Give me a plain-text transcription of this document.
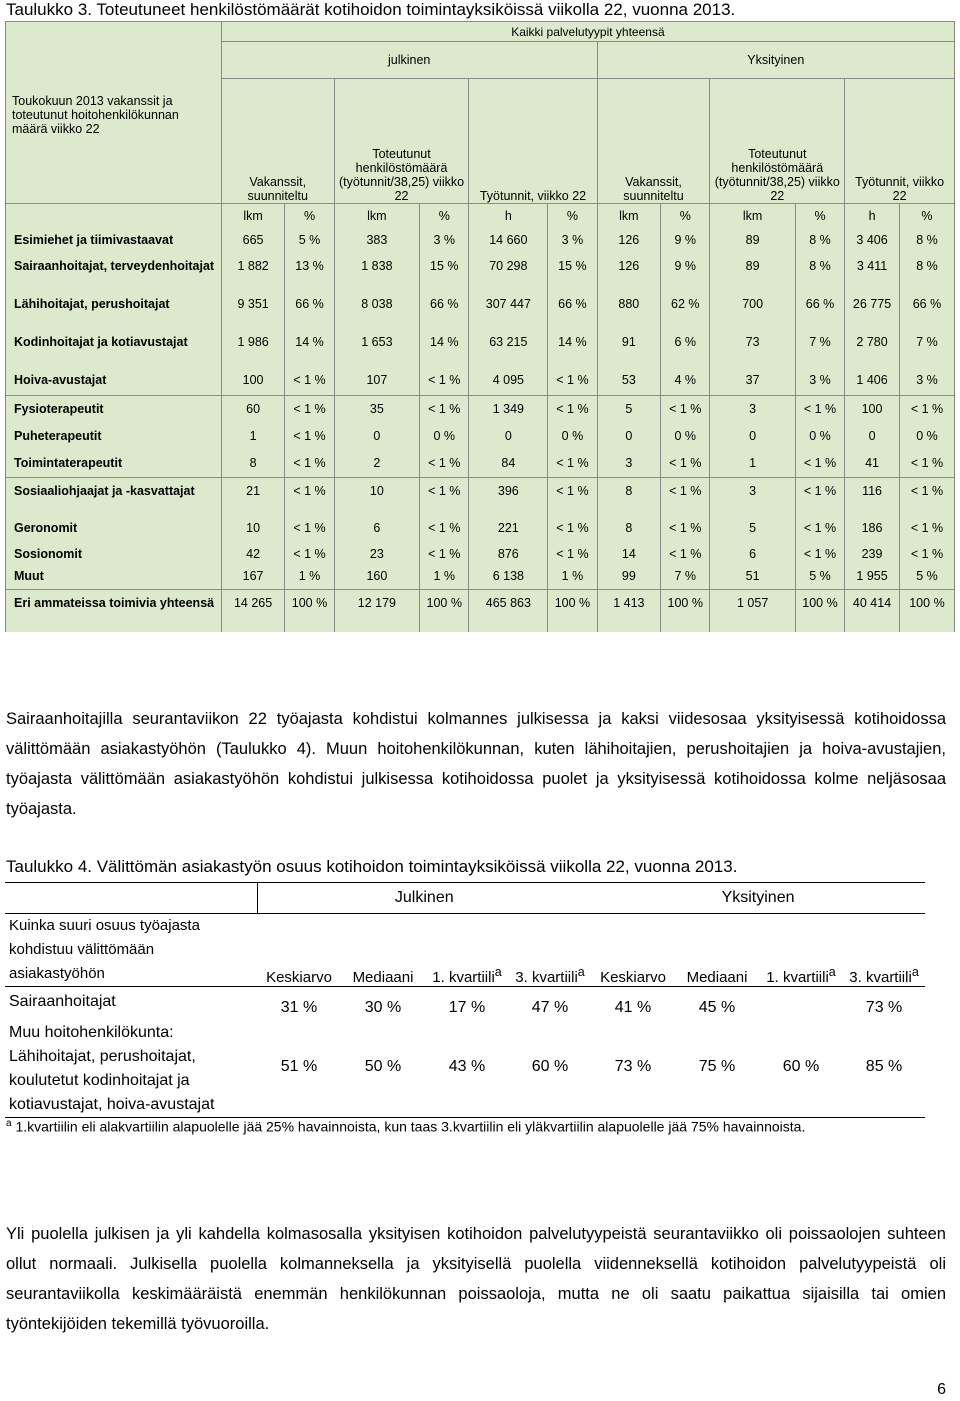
Taulukko 3. Toteutuneet henkilöstömäärät kotihoidon toimintayksiköissä viikolla 22, vuonna 2013.
Toukokuun 2013 vakanssit ja toteutunut hoitohenkilökunnan määrä viikko 22	Kaikki palvelutyypit yhteensä											
	julkinen						Yksityinen					
	Vakanssit, suunniteltu		Toteutunut henkilöstömäärä (työtunnit/38,25) viikko 22		Työtunnit, viikko 22		Vakanssit, suunniteltu		Toteutunut henkilöstömäärä (työtunnit/38,25) viikko 22		Työtunnit, viikko 22	
	lkm	%	lkm	%	h	%	lkm	%	lkm	%	h	%
Esimiehet ja tiimivastaavat	665	5 %	383	3 %	14 660	3 %	126	9 %	89	8 %	3 406	8 %
Sairaanhoitajat, terveydenhoitajat	1 882	13 %	1 838	15 %	70 298	15 %	126	9 %	89	8 %	3 411	8 %
Lähihoitajat, perushoitajat	9 351	66 %	8 038	66 %	307 447	66 %	880	62 %	700	66 %	26 775	66 %
Kodinhoitajat ja kotiavustajat	1 986	14 %	1 653	14 %	63 215	14 %	91	6 %	73	7 %	2 780	7 %
Hoiva-avustajat	100	< 1 %	107	< 1 %	4 095	< 1 %	53	4 %	37	3 %	1 406	3 %
Fysioterapeutit	60	< 1 %	35	< 1 %	1 349	< 1 %	5	< 1 %	3	< 1 %	100	< 1 %
Puheterapeutit	1	< 1 %	0	0 %	0	0 %	0	0 %	0	0 %	0	0 %
Toimintaterapeutit	8	< 1 %	2	< 1 %	84	< 1 %	3	< 1 %	1	< 1 %	41	< 1 %
Sosiaaliohjaajat ja -kasvattajat	21	< 1 %	10	< 1 %	396	< 1 %	8	< 1 %	3	< 1 %	116	< 1 %
Geronomit	10	< 1 %	6	< 1 %	221	< 1 %	8	< 1 %	5	< 1 %	186	< 1 %
Sosionomit	42	< 1 %	23	< 1 %	876	< 1 %	14	< 1 %	6	< 1 %	239	< 1 %
Muut	167	1 %	160	1 %	6 138	1 %	99	7 %	51	5 %	1 955	5 %
Eri ammateissa toimivia yhteensä	14 265	100 %	12 179	100 %	465 863	100 %	1 413	100 %	1 057	100 %	40 414	100 %
Sairaanhoitajilla seurantaviikon 22 työajasta kohdistui kolmannes julkisessa ja kaksi viidesosaa yksityisessä kotihoidossa välittömään asiakastyöhön (Taulukko 4). Muun hoitohenkilökunnan, kuten lähihoitajien, perushoitajien ja hoiva-avustajien, työajasta välittömään asiakastyöhön kohdistui julkisessa kotihoidossa puolet ja yksityisessä kotihoidossa kolme neljäsosaa työajasta.
Taulukko 4. Välittömän asiakastyön osuus kotihoidon toimintayksiköissä viikolla 22, vuonna 2013.
	Julkinen				Yksityinen			
Kuinka suuri osuus työajasta kohdistuu välittömään asiakastyöhön	Keskiarvo	Mediaani	1. kvartiili$^a$	3. kvartiili$^a$	Keskiarvo	Mediaani	1. kvartiili$^a$	3. kvartiili$^a$
Sairaanhoitajat	31 %	30 %	17 %	47 %	41 %	45 %		73 %
Muu hoitohenkilökunta: Lähihoitajat, perushoitajat, koulutetut kodinhoitajat ja kotiavustajat, hoiva-avustajat	51 %	50 %	43 %	60 %	73 %	75 %	60 %	85 %
$^a$ 1.kvartiilin eli alakvartiilin alapuolelle jää 25% havainnoista, kun taas 3.kvartiilin eli yläkvartiilin alapuolelle jää 75% havainnoista.
Yli puolella julkisen ja yli kahdella kolmasosalla yksityisen kotihoidon palvelutyypeistä seurantaviikko oli poissaolojen suhteen ollut normaali. Julkisella puolella kolmanneksella ja yksityisellä puolella viidenneksellä kotihoidon palvelutyypeistä oli seurantaviikolla keskimääräistä enemmän henkilökunnan poissaoloja, mutta ne oli saatu paikattua sijaisilla tai omien työntekijöiden tekemillä työvuoroilla.
6
